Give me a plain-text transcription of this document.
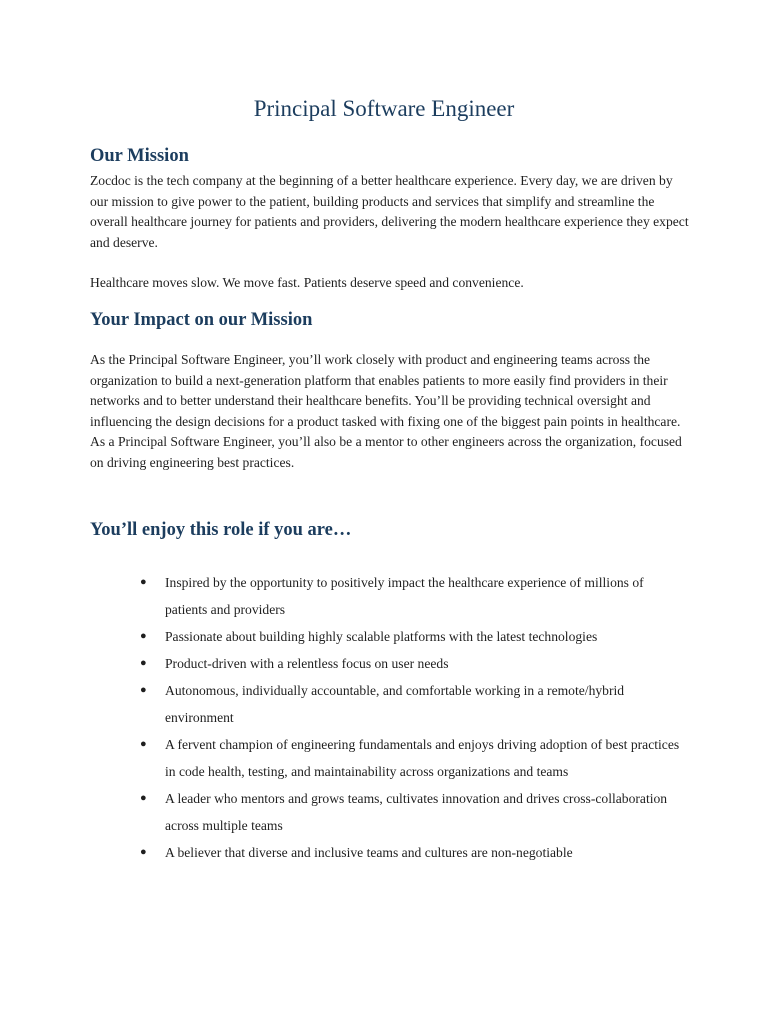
Principal Software Engineer
Our Mission

Zocdoc is the tech company at the beginning of a better healthcare experience. Every day, we are driven by our mission to give power to the patient, building products and services that simplify and streamline the overall healthcare journey for patients and providers, delivering the modern healthcare experience they expect and deserve.

Healthcare moves slow. We move fast. Patients deserve speed and convenience.

Your Impact on our Mission

As the Principal Software Engineer, you’ll work closely with product and engineering teams across the organization to build a next-generation platform that enables patients to more easily find providers in their networks and to better understand their healthcare benefits. You’ll be providing technical oversight and influencing the design decisions for a product tasked with fixing one of the biggest pain points in healthcare. As a Principal Software Engineer, you’ll also be a mentor to other engineers across the organization, focused on driving engineering best practices.

You’ll enjoy this role if you are…
● Inspired by the opportunity to positively impact the healthcare experience of millions of patients and providers
● Passionate about building highly scalable platforms with the latest technologies
● Product-driven with a relentless focus on user needs
● Autonomous, individually accountable, and comfortable working in a remote/hybrid environment
● A fervent champion of engineering fundamentals and enjoys driving adoption of best practices in code health, testing, and maintainability across organizations and teams
● A leader who mentors and grows teams, cultivates innovation and drives cross-collaboration across multiple teams
● A believer that diverse and inclusive teams and cultures are non-negotiable
